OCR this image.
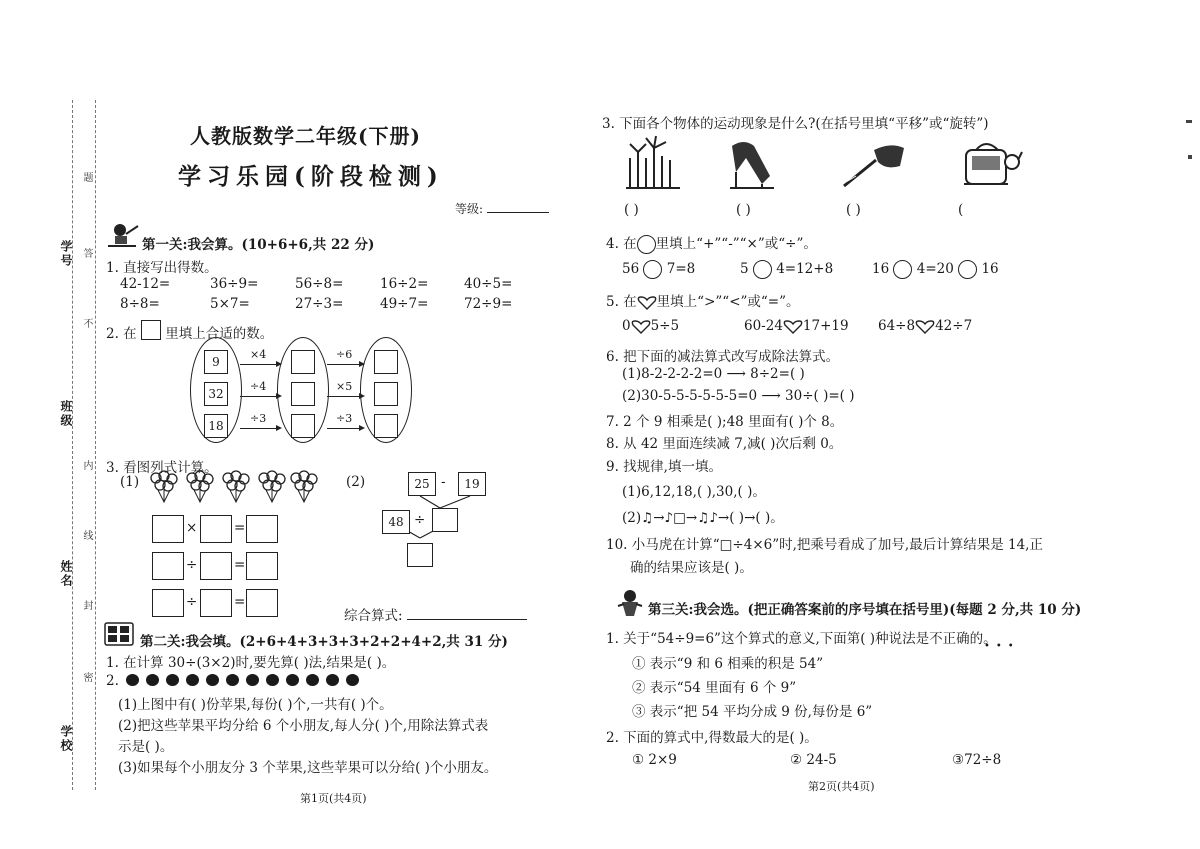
学号
班级
姓名
学校
题
答
不
内
线
封
密
人教版数学二年级(下册)
学习乐园(阶段检测)
等级:
第一关:我会算。(10+6+6,共 22 分)
1. 直接写出得数。
42-12=	36÷9=	56÷8=	16÷2=	40÷5=
8÷8=	5×7=	27÷3=	49÷7=	72÷9=
2. 在 里填上合适的数。
9
32
18
×4
÷4
÷3
÷6
×5
÷3
3. 看图列式计算。
(1)	(2)
×	=
÷	=
÷	=
25 -	19
48 ÷
综合算式:
第二关:我会填。(2+6+4+3+3+3+2+2+4+2,共 31 分)
1. 在计算 30÷(3×2)时,要先算( )法,结果是( )。
2.
(1)上图中有( )份苹果,每份( )个,一共有( )个。
(2)把这些苹果平均分给 6 个小朋友,每人分( )个,用除法算式表
示是( )。
(3)如果每个小朋友分 3 个苹果,这些苹果可以分给( )个小朋友。
第1页(共4页)
3. 下面各个物体的运动现象是什么?(在括号里填“平移”或“旋转”)
( )	( )	( )	(
4. 在 里填上“+”“-”“×”或“÷”。
56 7=8	5 4=12+8	16 4=20 16
5. 在 里填上“>”“<”或“=”。
0 5÷5	60-24 17+19 64÷8 42÷7
6. 把下面的减法算式改写成除法算式。
(1)8-2-2-2-2=0 ⟶ 8÷2=( )
(2)30-5-5-5-5-5-5=0 ⟶ 30÷( )=( )
7. 2 个 9 相乘是( );48 里面有( )个 8。
8. 从 42 里面连续减 7,减( )次后剩 0。
9. 找规律,填一填。
(1)6,12,18,( ),30,( )。
(2)♫→♪□→♫♪→( )→( )。
10. 小马虎在计算“□÷4×6”时,把乘号看成了加号,最后计算结果是 14,正
确的结果应该是( )。
第三关:我会选。(把正确答案前的序号填在括号里)(每题 2 分,共 10 分)
1. 关于“54÷9=6”这个算式的意义,下面第( )种说法是不正确的。
•••
① 表示“9 和 6 相乘的积是 54”
② 表示“54 里面有 6 个 9”
③ 表示“把 54 平均分成 9 份,每份是 6”
2. 下面的算式中,得数最大的是( )。
① 2×9	② 24-5	③72÷8
第2页(共4页)
